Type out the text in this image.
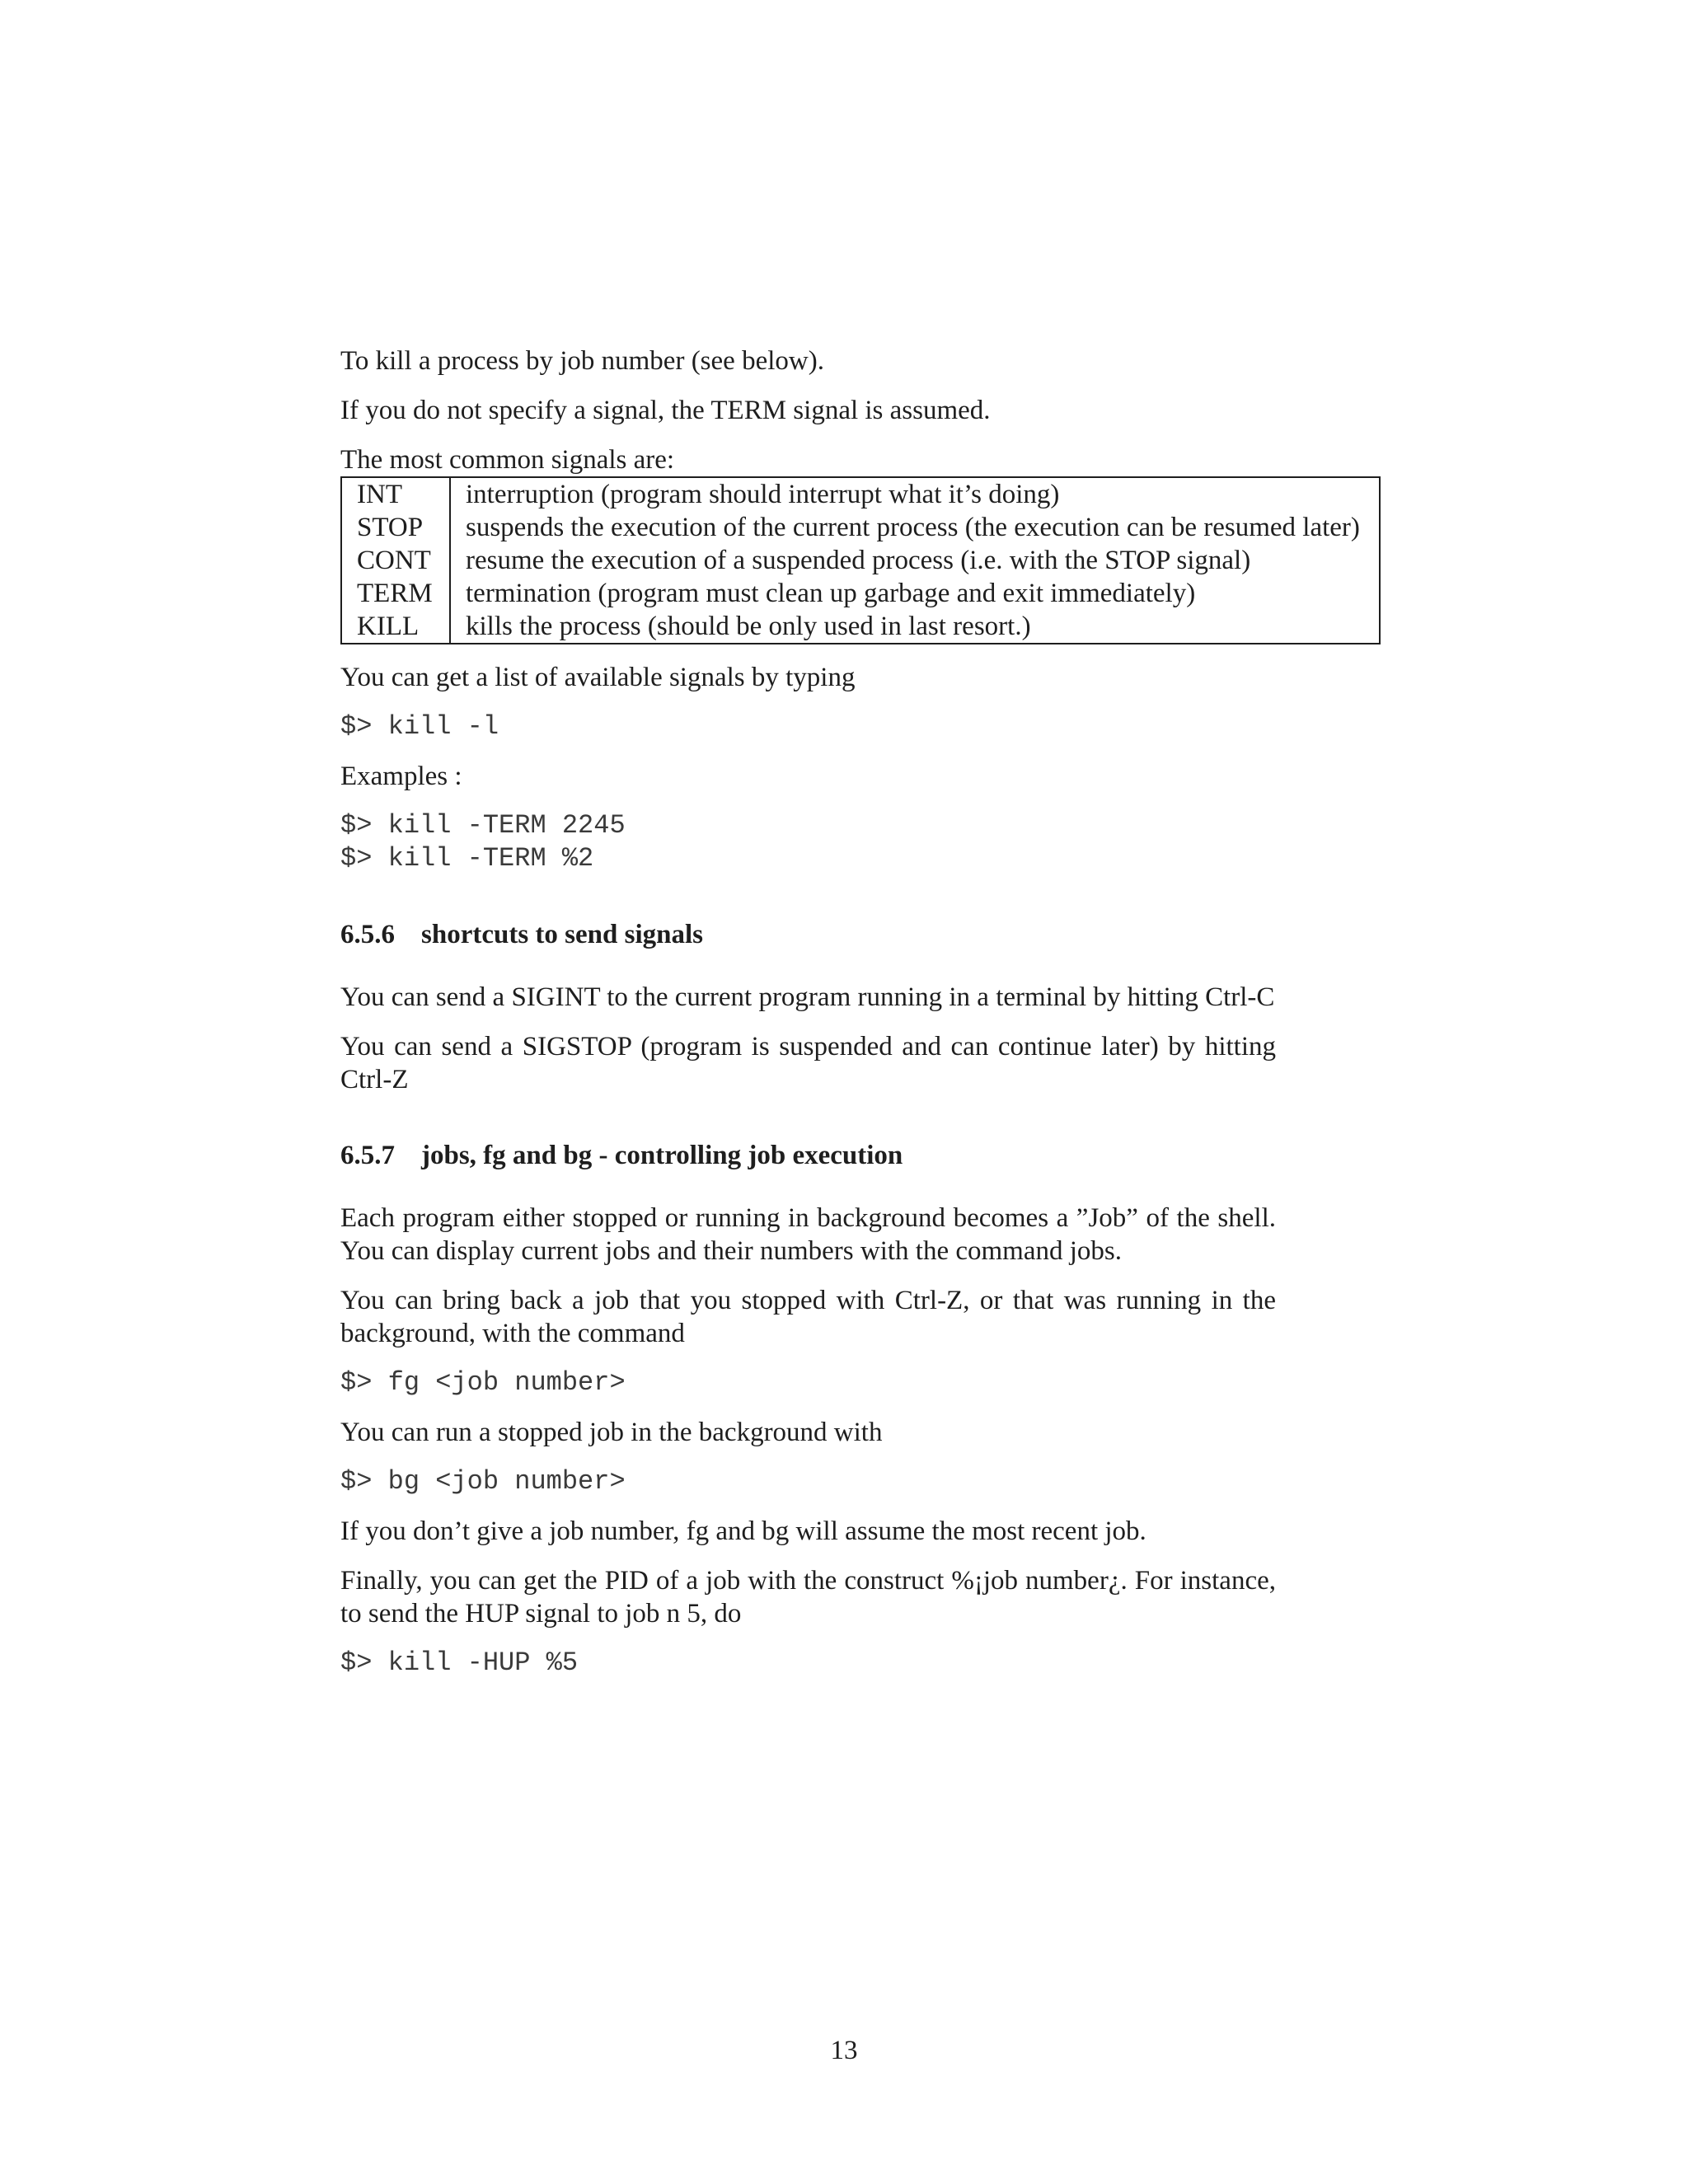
To kill a process by job number (see below).

If you do not specify a signal, the TERM signal is assumed.

The most common signals are:

INT	interruption (program should interrupt what it’s doing)
STOP	suspends the execution of the current process (the execution can be resumed later)
CONT	resume the execution of a suspended process (i.e. with the STOP signal)
TERM	termination (program must clean up garbage and exit immediately)
KILL	kills the process (should be only used in last resort.)

You can get a list of available signals by typing

$> kill -l

Examples :

$> kill -TERM 2245
$> kill -TERM %2
6.5.6 shortcuts to send signals

You can send a SIGINT to the current program running in a terminal by hitting Ctrl-C

You can send a SIGSTOP (program is suspended and can continue later) by hitting Ctrl-Z

6.5.7 jobs, fg and bg - controlling job execution

Each program either stopped or running in background becomes a ”Job” of the shell. You can display current jobs and their numbers with the command jobs.

You can bring back a job that you stopped with Ctrl-Z, or that was running in the background, with the command

$> fg <job number>

You can run a stopped job in the background with

$> bg <job number>

If you don’t give a job number, fg and bg will assume the most recent job.

Finally, you can get the PID of a job with the construct %¡job number¿. For instance, to send the HUP signal to job n 5, do

$> kill -HUP %5
13
